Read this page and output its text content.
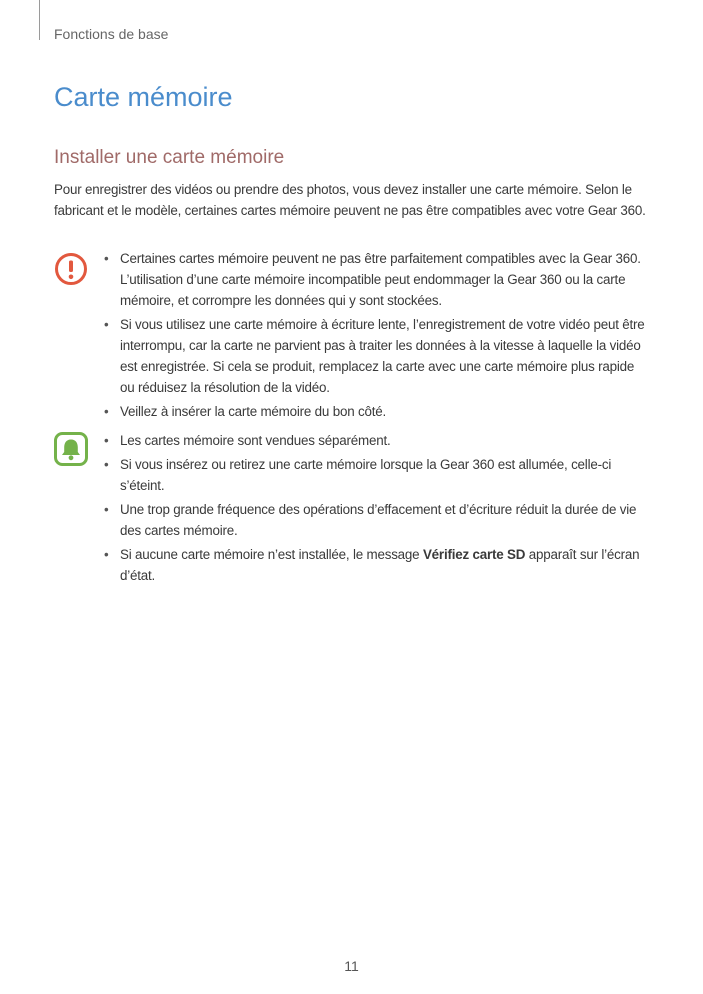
Fonctions de base
Carte mémoire
Installer une carte mémoire

Pour enregistrer des vidéos ou prendre des photos, vous devez installer une carte mémoire. Selon le fabricant et le modèle, certaines cartes mémoire peuvent ne pas être compatibles avec votre Gear 360.

• Certaines cartes mémoire peuvent ne pas être parfaitement compatibles avec la Gear 360. L’utilisation d’une carte mémoire incompatible peut endommager la Gear 360 ou la carte mémoire, et corrompre les données qui y sont stockées.
• Si vous utilisez une carte mémoire à écriture lente, l’enregistrement de votre vidéo peut être interrompu, car la carte ne parvient pas à traiter les données à la vitesse à laquelle la vidéo est enregistrée. Si cela se produit, remplacez la carte avec une carte mémoire plus rapide ou réduisez la résolution de la vidéo.
• Veillez à insérer la carte mémoire du bon côté.
• Les cartes mémoire sont vendues séparément.
• Si vous insérez ou retirez une carte mémoire lorsque la Gear 360 est allumée, celle-ci s’éteint.
• Une trop grande fréquence des opérations d’effacement et d’écriture réduit la durée de vie des cartes mémoire.
• Si aucune carte mémoire n’est installée, le message Vérifiez carte SD apparaît sur l’écran d’état.
11
